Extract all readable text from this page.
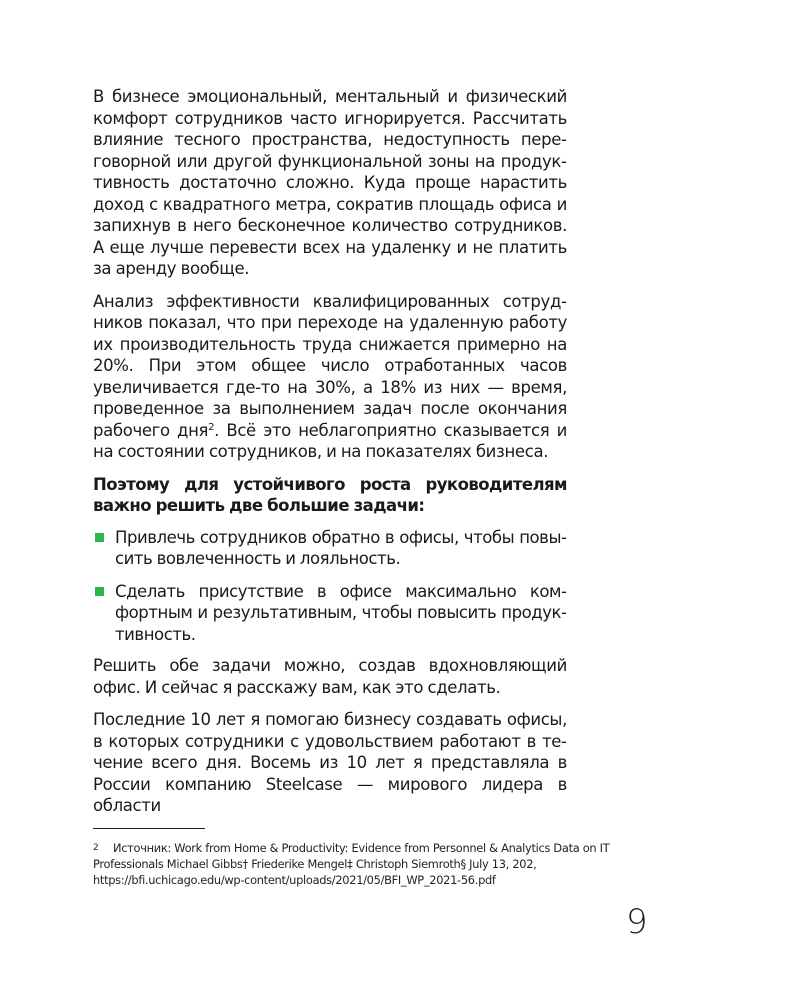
В бизнесе эмоциональный, ментальный и физический комфорт сотрудников часто игнорируется. Рассчитать влияние тесного пространства, недоступность переговорной или другой функциональной зоны на продуктивность достаточно сложно. Куда проще нарастить доход с квадратного метра, сократив площадь офиса и запихнув в него бесконечное количество сотрудников. А еще лучше перевести всех на удаленку и не платить за аренду вообще.

Анализ эффективности квалифицированных сотрудников показал, что при переходе на удаленную работу их производительность труда снижается примерно на 20%. При этом общее число отработанных часов увеличивается где-то на 30%, а 18% из них — время, проведенное за выполнением задач после окончания рабочего дня$^2$. Всё это неблагоприятно сказывается и на состоянии сотрудников, и на показателях бизнеса.

Поэтому для устойчивого роста руководителям важно решить две большие задачи:

Привлечь сотрудников обратно в офисы, чтобы повысить вовлеченность и лояльность.
Сделать присутствие в офисе максимально комфортным и результативным, чтобы повысить продуктивность.

Решить обе задачи можно, создав вдохновляющий офис. И сейчас я расскажу вам, как это сделать.

Последние 10 лет я помогаю бизнесу создавать офисы, в которых сотрудники с удовольствием работают в течение всего дня. Восемь из 10 лет я представляла в России компанию Steelcase — мирового лидера в области

2 Источник: Work from Home & Productivity: Evidence from Personnel & Analytics Data on IT Professionals Michael Gibbs† Friederike Mengel‡ Christoph Siemroth§ July 13, 202, https://bfi.uchicago.edu/wp-content/uploads/2021/05/BFI_WP_2021-56.pdf
9
